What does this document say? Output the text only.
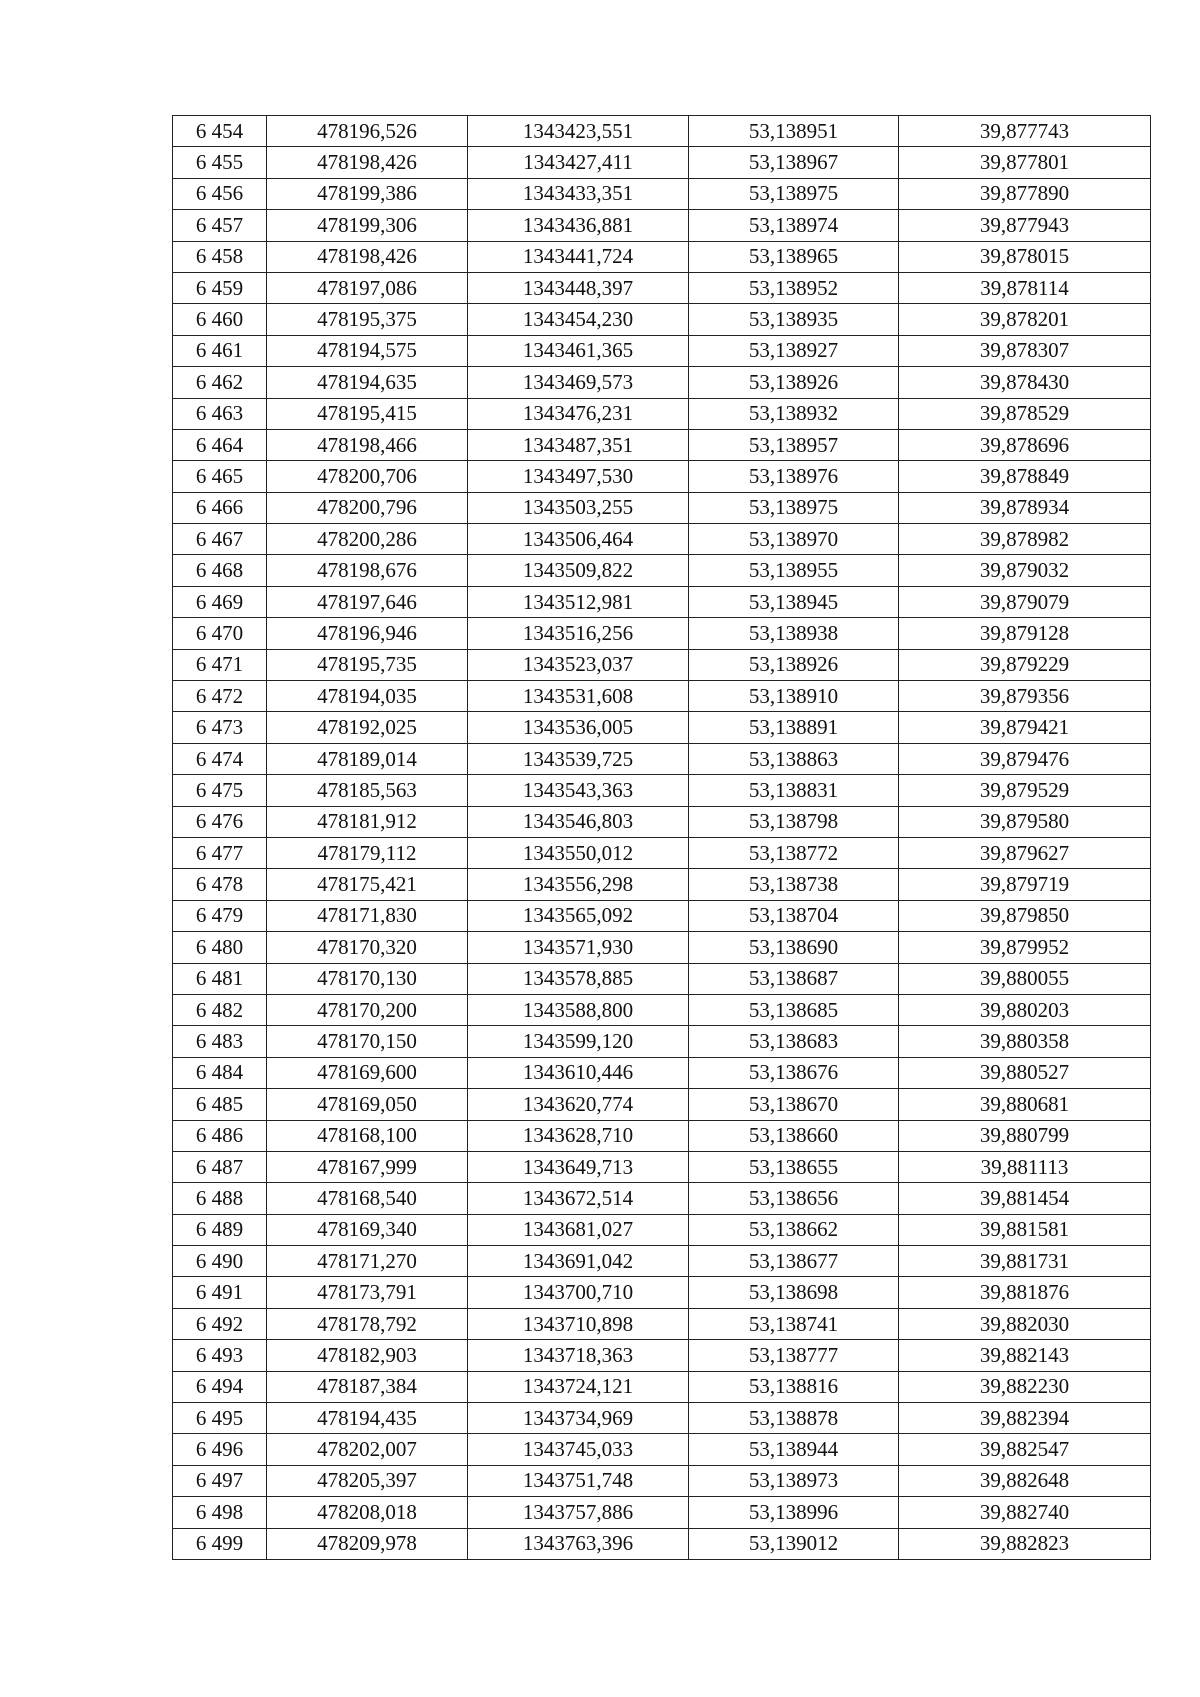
6 454	478196,526	1343423,551	53,138951	39,877743
6 455	478198,426	1343427,411	53,138967	39,877801
6 456	478199,386	1343433,351	53,138975	39,877890
6 457	478199,306	1343436,881	53,138974	39,877943
6 458	478198,426	1343441,724	53,138965	39,878015
6 459	478197,086	1343448,397	53,138952	39,878114
6 460	478195,375	1343454,230	53,138935	39,878201
6 461	478194,575	1343461,365	53,138927	39,878307
6 462	478194,635	1343469,573	53,138926	39,878430
6 463	478195,415	1343476,231	53,138932	39,878529
6 464	478198,466	1343487,351	53,138957	39,878696
6 465	478200,706	1343497,530	53,138976	39,878849
6 466	478200,796	1343503,255	53,138975	39,878934
6 467	478200,286	1343506,464	53,138970	39,878982
6 468	478198,676	1343509,822	53,138955	39,879032
6 469	478197,646	1343512,981	53,138945	39,879079
6 470	478196,946	1343516,256	53,138938	39,879128
6 471	478195,735	1343523,037	53,138926	39,879229
6 472	478194,035	1343531,608	53,138910	39,879356
6 473	478192,025	1343536,005	53,138891	39,879421
6 474	478189,014	1343539,725	53,138863	39,879476
6 475	478185,563	1343543,363	53,138831	39,879529
6 476	478181,912	1343546,803	53,138798	39,879580
6 477	478179,112	1343550,012	53,138772	39,879627
6 478	478175,421	1343556,298	53,138738	39,879719
6 479	478171,830	1343565,092	53,138704	39,879850
6 480	478170,320	1343571,930	53,138690	39,879952
6 481	478170,130	1343578,885	53,138687	39,880055
6 482	478170,200	1343588,800	53,138685	39,880203
6 483	478170,150	1343599,120	53,138683	39,880358
6 484	478169,600	1343610,446	53,138676	39,880527
6 485	478169,050	1343620,774	53,138670	39,880681
6 486	478168,100	1343628,710	53,138660	39,880799
6 487	478167,999	1343649,713	53,138655	39,881113
6 488	478168,540	1343672,514	53,138656	39,881454
6 489	478169,340	1343681,027	53,138662	39,881581
6 490	478171,270	1343691,042	53,138677	39,881731
6 491	478173,791	1343700,710	53,138698	39,881876
6 492	478178,792	1343710,898	53,138741	39,882030
6 493	478182,903	1343718,363	53,138777	39,882143
6 494	478187,384	1343724,121	53,138816	39,882230
6 495	478194,435	1343734,969	53,138878	39,882394
6 496	478202,007	1343745,033	53,138944	39,882547
6 497	478205,397	1343751,748	53,138973	39,882648
6 498	478208,018	1343757,886	53,138996	39,882740
6 499	478209,978	1343763,396	53,139012	39,882823
